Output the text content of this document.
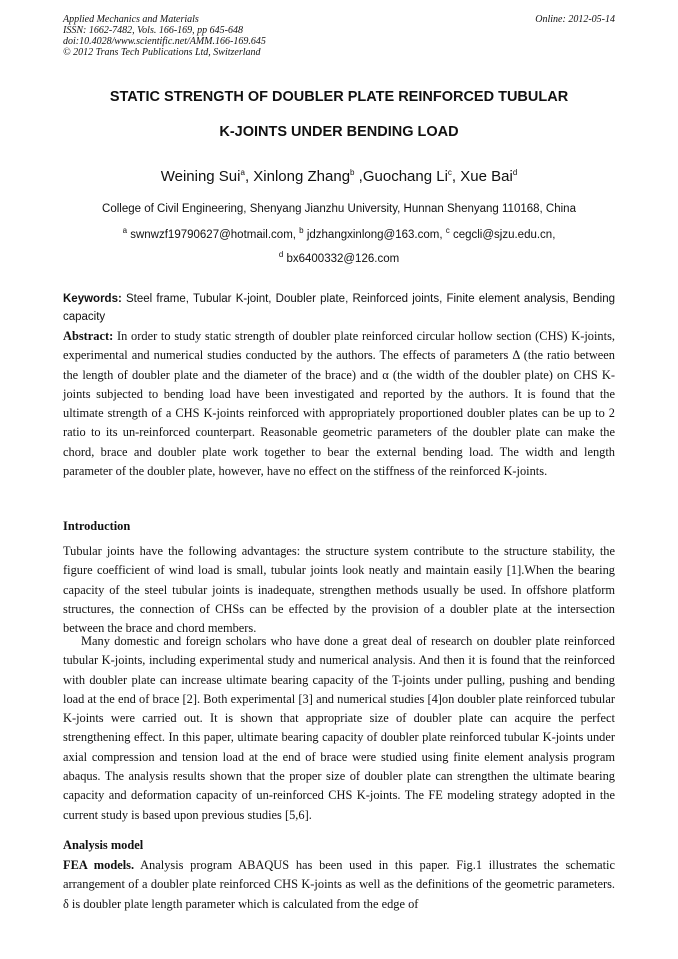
Applied Mechanics and Materials	Online: 2012-05-14
ISSN: 1662-7482, Vols. 166-169, pp 645-648
doi:10.4028/www.scientific.net/AMM.166-169.645
© 2012 Trans Tech Publications Ltd, Switzerland
STATIC STRENGTH OF DOUBLER PLATE REINFORCED TUBULAR
K-JOINTS UNDER BENDING LOAD
Weining Sui$^a$, Xinlong Zhang$^b$ ,Guochang Li$^c$, Xue Bai$^d$
College of Civil Engineering, Shenyang Jianzhu University, Hunnan Shenyang 110168, China
$^a$ swnwzf19790627@hotmail.com, $^b$ jdzhangxinlong@163.com, $^c$ cegcli@sjzu.edu.cn,
$^d$ bx6400332@126.com
Keywords: Steel frame, Tubular K-joint, Doubler plate, Reinforced joints, Finite element analysis, Bending capacity
Abstract: In order to study static strength of doubler plate reinforced circular hollow section (CHS) K-joints, experimental and numerical studies conducted by the authors. The effects of parameters Δ (the ratio between the length of doubler plate and the diameter of the brace) and α (the width of the doubler plate) on CHS K-joints subjected to bending load have been investigated and reported by the authors. It is found that the ultimate strength of a CHS K-joints reinforced with appropriately proportioned doubler plates can be up to 2 ratio to its un-reinforced counterpart. Reasonable geometric parameters of the doubler plate can make the chord, brace and doubler plate work together to bear the external bending load. The width and length parameter of the doubler plate, however, have no effect on the stiffness of the reinforced K-joints.
Introduction
Tubular joints have the following advantages: the structure system contribute to the structure stability, the figure coefficient of wind load is small, tubular joints look neatly and maintain easily [1].When the bearing capacity of the steel tubular joints is inadequate, strengthen methods usually be used. In offshore platform structures, the connection of CHSs can be effected by the provision of a doubler plate at the intersection between the brace and chord members.

Many domestic and foreign scholars who have done a great deal of research on doubler plate reinforced tubular K-joints, including experimental study and numerical analysis. And then it is found that the reinforced with doubler plate can increase ultimate bearing capacity of the T-joints under pulling, pushing and bending load at the end of brace [2]. Both experimental [3] and numerical studies [4]on doubler plate reinforced tubular K-joints were carried out. It is shown that appropriate size of doubler plate can acquire the perfect strengthening effect. In this paper, ultimate bearing capacity of doubler plate reinforced tubular K-joints under axial compression and tension load at the end of brace were studied using finite element analysis program abaqus. The analysis results shown that the proper size of doubler plate can strengthen the ultimate bearing capacity and deformation capacity of un-reinforced CHS K-joints. The FE modeling strategy adopted in the current study is based upon previous studies [5,6].

Analysis model
FEA models. Analysis program ABAQUS has been used in this paper. Fig.1 illustrates the schematic arrangement of a doubler plate reinforced CHS K-joints as well as the definitions of the geometric parameters. δ is doubler plate length parameter which is calculated from the edge of
